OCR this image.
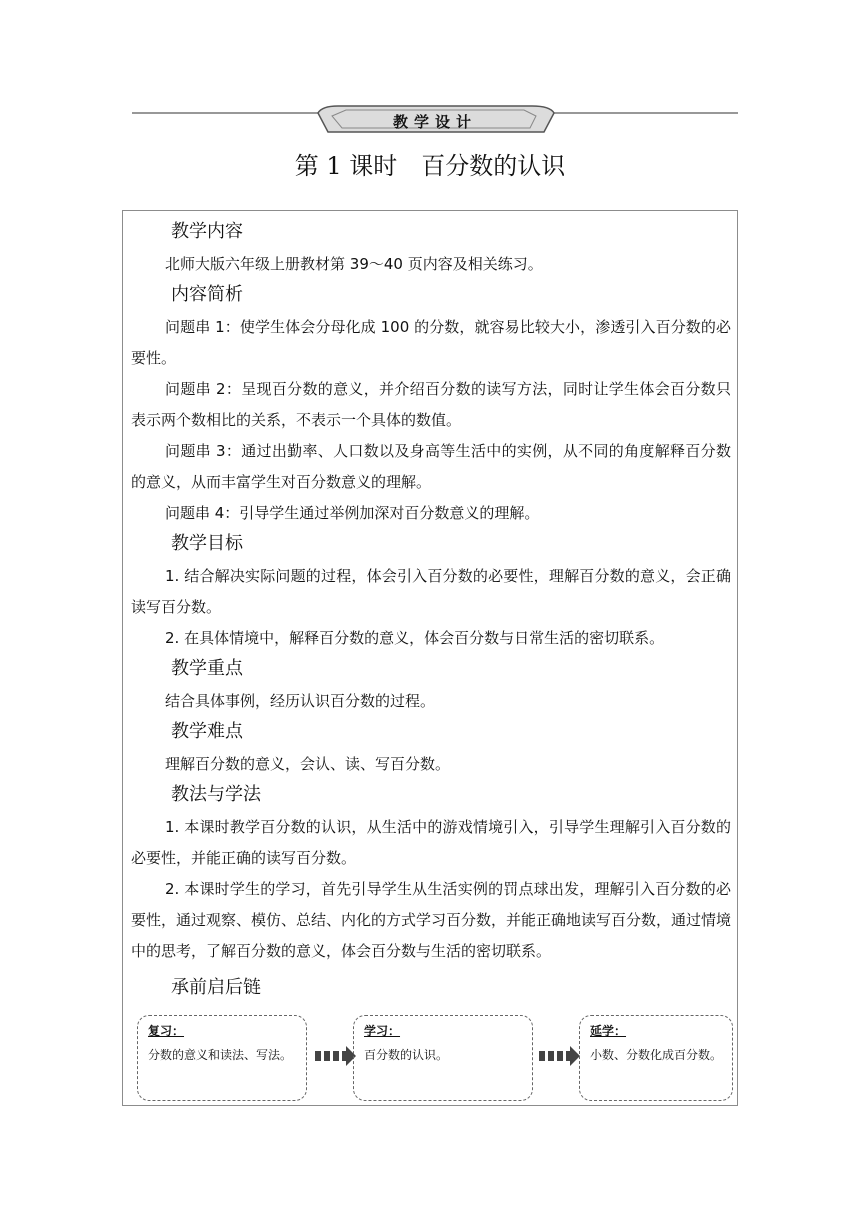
教学设计
第 1 课时　百分数的认识
教学内容

北师大版六年级上册教材第 39～40 页内容及相关练习。

内容简析

问题串 1：使学生体会分母化成 100 的分数，就容易比较大小，渗透引入百分数的必要性。

问题串 2：呈现百分数的意义，并介绍百分数的读写方法，同时让学生体会百分数只表示两个数相比的关系，不表示一个具体的数值。

问题串 3：通过出勤率、人口数以及身高等生活中的实例，从不同的角度解释百分数的意义，从而丰富学生对百分数意义的理解。

问题串 4：引导学生通过举例加深对百分数意义的理解。

教学目标

1. 结合解决实际问题的过程，体会引入百分数的必要性，理解百分数的意义，会正确读写百分数。

2. 在具体情境中，解释百分数的意义，体会百分数与日常生活的密切联系。

教学重点

结合具体事例，经历认识百分数的过程。

教学难点

理解百分数的意义，会认、读、写百分数。

教法与学法

1. 本课时教学百分数的认识，从生活中的游戏情境引入，引导学生理解引入百分数的必要性，并能正确的读写百分数。

2. 本课时学生的学习，首先引导学生从生活实例的罚点球出发，理解引入百分数的必要性，通过观察、模仿、总结、内化的方式学习百分数，并能正确地读写百分数，通过情境中的思考，了解百分数的意义，体会百分数与生活的密切联系。

承前启后链
复习：
分数的意义和读法、写法。
学习：
百分数的认识。
延学：
小数、分数化成百分数。
